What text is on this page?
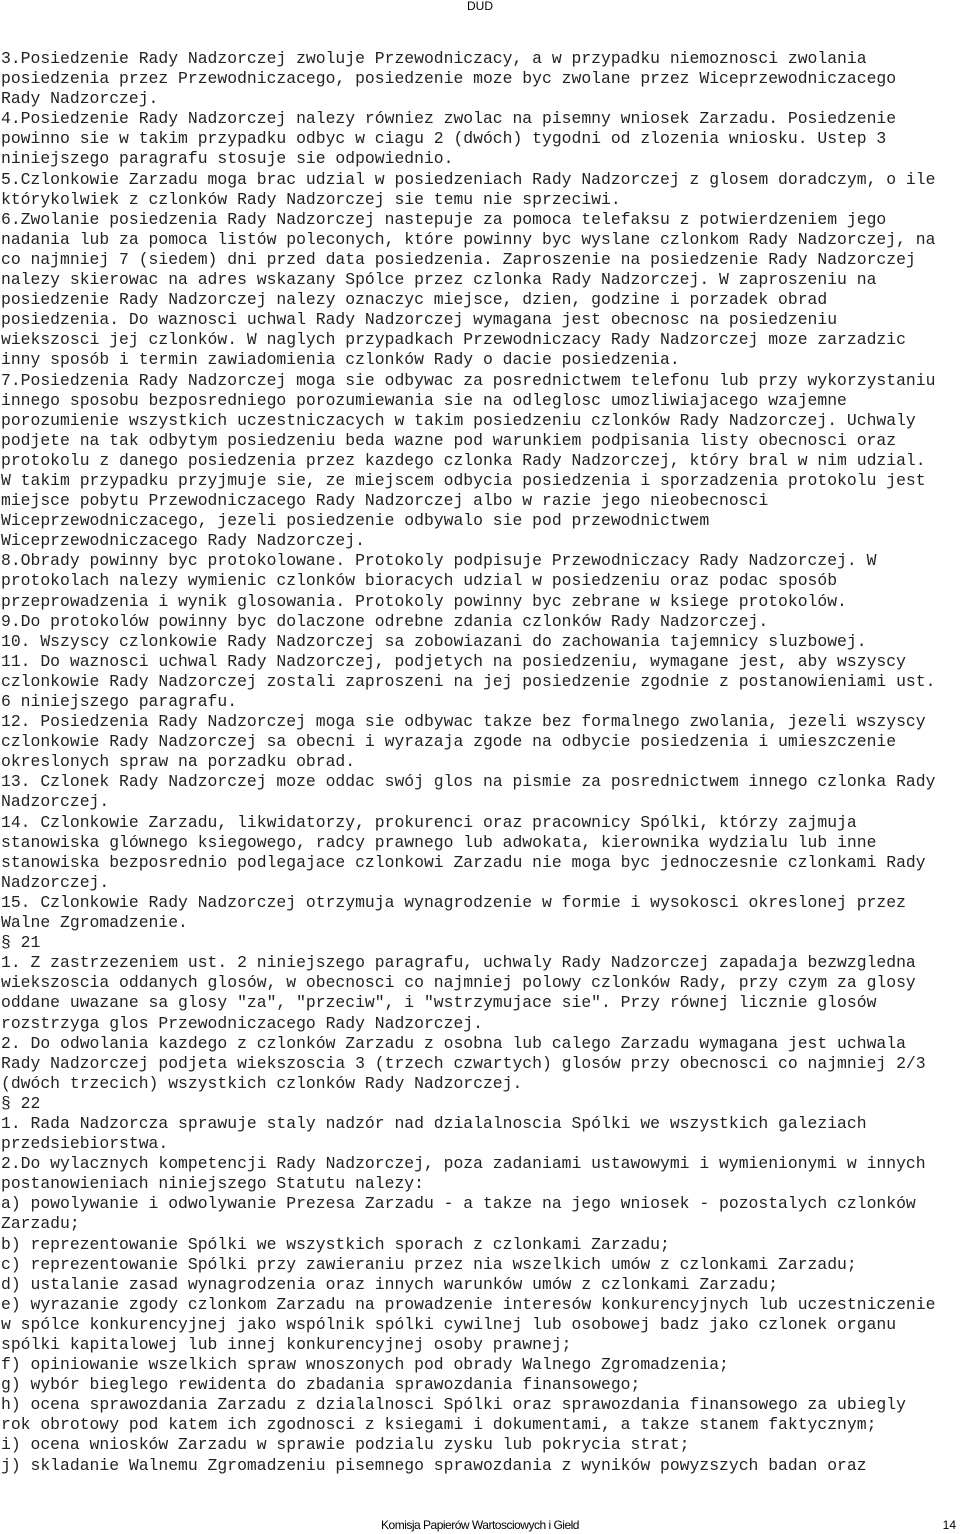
DUD
3.Posiedzenie Rady Nadzorczej zwoluje Przewodniczacy, a w przypadku niemoznosci zwolania
posiedzenia przez Przewodniczacego, posiedzenie moze byc zwolane przez Wiceprzewodniczacego
Rady Nadzorczej.
4.Posiedzenie Rady Nadzorczej nalezy równiez zwolac na pisemny wniosek Zarzadu. Posiedzenie
powinno sie w takim przypadku odbyc w ciagu 2 (dwóch) tygodni od zlozenia wniosku. Ustep 3
niniejszego paragrafu stosuje sie odpowiednio.
5.Czlonkowie Zarzadu moga brac udzial w posiedzeniach Rady Nadzorczej z glosem doradczym, o ile
którykolwiek z czlonków Rady Nadzorczej sie temu nie sprzeciwi.
6.Zwolanie posiedzenia Rady Nadzorczej nastepuje za pomoca telefaksu z potwierdzeniem jego
nadania lub za pomoca listów poleconych, które powinny byc wyslane czlonkom Rady Nadzorczej, na
co najmniej 7 (siedem) dni przed data posiedzenia. Zaproszenie na posiedzenie Rady Nadzorczej
nalezy skierowac na adres wskazany Spólce przez czlonka Rady Nadzorczej. W zaproszeniu na
posiedzenie Rady Nadzorczej nalezy oznaczyc miejsce, dzien, godzine i porzadek obrad
posiedzenia. Do waznosci uchwal Rady Nadzorczej wymagana jest obecnosc na posiedzeniu
wiekszosci jej czlonków. W naglych przypadkach Przewodniczacy Rady Nadzorczej moze zarzadzic
inny sposób i termin zawiadomienia czlonków Rady o dacie posiedzenia.
7.Posiedzenia Rady Nadzorczej moga sie odbywac za posrednictwem telefonu lub przy wykorzystaniu
innego sposobu bezposredniego porozumiewania sie na odleglosc umozliwiajacego wzajemne
porozumienie wszystkich uczestniczacych w takim posiedzeniu czlonków Rady Nadzorczej. Uchwaly
podjete na tak odbytym posiedzeniu beda wazne pod warunkiem podpisania listy obecnosci oraz
protokolu z danego posiedzenia przez kazdego czlonka Rady Nadzorczej, który bral w nim udzial.
W takim przypadku przyjmuje sie, ze miejscem odbycia posiedzenia i sporzadzenia protokolu jest
miejsce pobytu Przewodniczacego Rady Nadzorczej albo w razie jego nieobecnosci
Wiceprzewodniczacego, jezeli posiedzenie odbywalo sie pod przewodnictwem
Wiceprzewodniczacego Rady Nadzorczej.
8.Obrady powinny byc protokolowane. Protokoly podpisuje Przewodniczacy Rady Nadzorczej. W
protokolach nalezy wymienic czlonków bioracych udzial w posiedzeniu oraz podac sposób
przeprowadzenia i wynik glosowania. Protokoly powinny byc zebrane w ksiege protokolów.
9.Do protokolów powinny byc dolaczone odrebne zdania czlonków Rady Nadzorczej.
10. Wszyscy czlonkowie Rady Nadzorczej sa zobowiazani do zachowania tajemnicy sluzbowej.
11. Do waznosci uchwal Rady Nadzorczej, podjetych na posiedzeniu, wymagane jest, aby wszyscy
czlonkowie Rady Nadzorczej zostali zaproszeni na jej posiedzenie zgodnie z postanowieniami ust.
6 niniejszego paragrafu.
12. Posiedzenia Rady Nadzorczej moga sie odbywac takze bez formalnego zwolania, jezeli wszyscy
czlonkowie Rady Nadzorczej sa obecni i wyrazaja zgode na odbycie posiedzenia i umieszczenie
okreslonych spraw na porzadku obrad.
13. Czlonek Rady Nadzorczej moze oddac swój glos na pismie za posrednictwem innego czlonka Rady
Nadzorczej.
14. Czlonkowie Zarzadu, likwidatorzy, prokurenci oraz pracownicy Spólki, którzy zajmuja
stanowiska glównego ksiegowego, radcy prawnego lub adwokata, kierownika wydzialu lub inne
stanowiska bezposrednio podlegajace czlonkowi Zarzadu nie moga byc jednoczesnie czlonkami Rady
Nadzorczej.
15. Czlonkowie Rady Nadzorczej otrzymuja wynagrodzenie w formie i wysokosci okreslonej przez
Walne Zgromadzenie.
§ 21
1. Z zastrzezeniem ust. 2 niniejszego paragrafu, uchwaly Rady Nadzorczej zapadaja bezwzgledna
wiekszoscia oddanych glosów, w obecnosci co najmniej polowy czlonków Rady, przy czym za glosy
oddane uwazane sa glosy "za", "przeciw", i "wstrzymujace sie". Przy równej licznie glosów
rozstrzyga glos Przewodniczacego Rady Nadzorczej.
2. Do odwolania kazdego z czlonków Zarzadu z osobna lub calego Zarzadu wymagana jest uchwala
Rady Nadzorczej podjeta wiekszoscia 3 (trzech czwartych) glosów przy obecnosci co najmniej 2/3
(dwóch trzecich) wszystkich czlonków Rady Nadzorczej.
§ 22
1. Rada Nadzorcza sprawuje staly nadzór nad dzialalnoscia Spólki we wszystkich galeziach
przedsiebiorstwa.
2.Do wylacznych kompetencji Rady Nadzorczej, poza zadaniami ustawowymi i wymienionymi w innych
postanowieniach niniejszego Statutu nalezy:
a) powolywanie i odwolywanie Prezesa Zarzadu - a takze na jego wniosek - pozostalych czlonków
Zarzadu;
b) reprezentowanie Spólki we wszystkich sporach z czlonkami Zarzadu;
c) reprezentowanie Spólki przy zawieraniu przez nia wszelkich umów z czlonkami Zarzadu;
d) ustalanie zasad wynagrodzenia oraz innych warunków umów z czlonkami Zarzadu;
e) wyrazanie zgody czlonkom Zarzadu na prowadzenie interesów konkurencyjnych lub uczestniczenie
w spólce konkurencyjnej jako wspólnik spólki cywilnej lub osobowej badz jako czlonek organu
spólki kapitalowej lub innej konkurencyjnej osoby prawnej;
f) opiniowanie wszelkich spraw wnoszonych pod obrady Walnego Zgromadzenia;
g) wybór bieglego rewidenta do zbadania sprawozdania finansowego;
h) ocena sprawozdania Zarzadu z dzialalnosci Spólki oraz sprawozdania finansowego za ubiegly
rok obrotowy pod katem ich zgodnosci z ksiegami i dokumentami, a takze stanem faktycznym;
i) ocena wniosków Zarzadu w sprawie podzialu zysku lub pokrycia strat;
j) skladanie Walnemu Zgromadzeniu pisemnego sprawozdania z wyników powyzszych badan oraz
Komisja Papierów Wartosciowych i Gield	14
